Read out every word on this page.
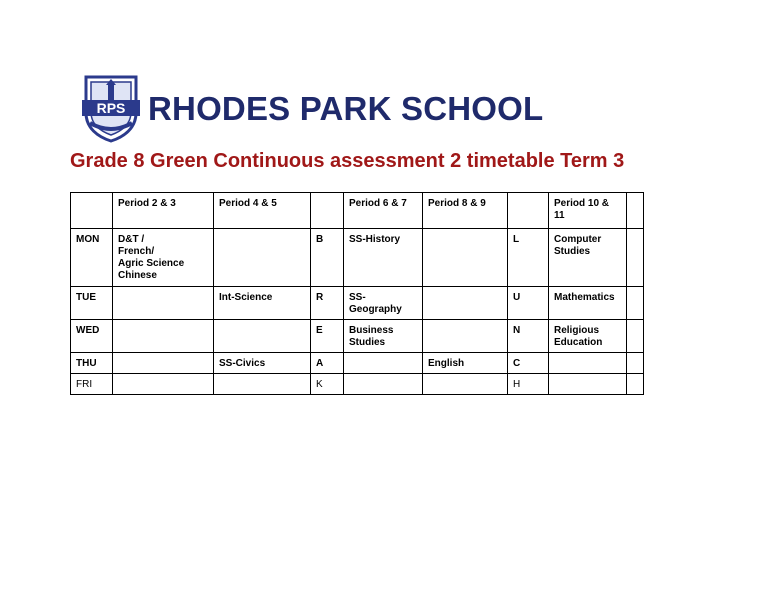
RPS RHODES PARK SCHOOL
Grade 8 Green Continuous assessment 2 timetable Term 3
	Period 2 & 3	Period 4 & 5		Period 6 & 7	Period 8 & 9		Period 10 &
11	
MON	D&T /
French/
Agric Science
Chinese		B	SS-History		L	Computer
Studies	
TUE		Int-Science	R	SS-
Geography		U	Mathematics	
WED			E	Business
Studies		N	Religious
Education	
THU		SS-Civics	A		English	C		
FRI			K			H		
